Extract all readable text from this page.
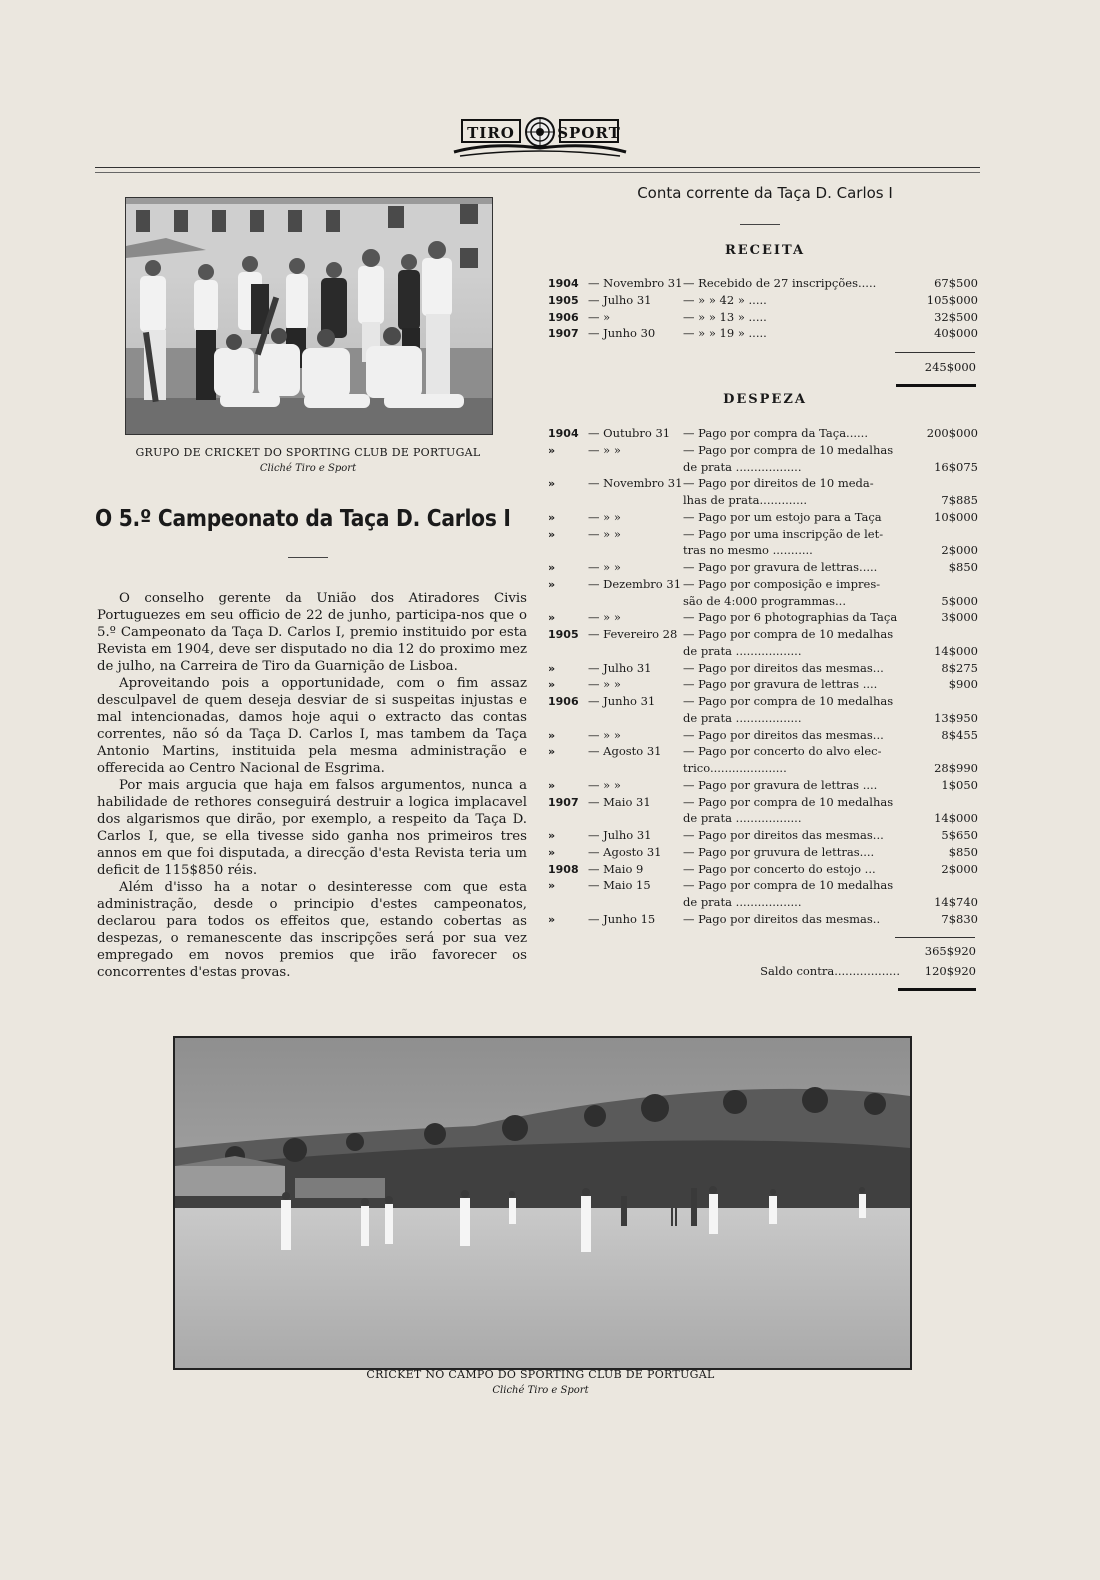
TIRO	SPORT
GRUPO DE CRICKET DO SPORTING CLUB DE PORTUGAL
Cliché Tiro e Sport
O 5.º Campeonato da Taça D. Carlos I

O conselho gerente da União dos Atiradores Civis Portuguezes em seu officio de 22 de junho, participa-nos que o 5.º Campeonato da Taça D. Carlos I, premio instituido por esta Revista em 1904, deve ser disputado no dia 12 do proximo mez de julho, na Carreira de Tiro da Guarnição de Lisboa.

Aproveitando pois a opportunidade, com o fim assaz desculpavel de quem deseja desviar de si suspeitas injustas e mal intencionadas, damos hoje aqui o extracto das contas correntes, não só da Taça D. Carlos I, mas tambem da Taça Antonio Martins, instituida pela mesma administração e offerecida ao Centro Nacional de Esgrima.

Por mais argucia que haja em falsos argumentos, nunca a habilidade de rethores conseguirá destruir a logica implacavel dos algarismos que dirão, por exemplo, a respeito da Taça D. Carlos I, que, se ella tivesse sido ganha nos primeiros tres annos em que foi disputada, a direcção d'esta Revista teria um deficit de 115$850 réis.

Além d'isso ha a notar o desinteresse com que esta administração, desde o principio d'estes campeonatos, declarou para todos os effeitos que, estando cobertas as despezas, o remanescente das inscripções será por sua vez empregado em novos premios que irão favorecer os concorrentes d'estas provas.

Conta corrente da Taça D. Carlos I
RECEITA
1904 — Novembro 31 — Recebido de 27 inscripções.....	67$500
1905 — Julho 31	— » » 42 » .....	105$000
1906 — »	— » » 13 » .....	32$500
1907 — Junho 30	— » » 19 » .....	40$000
245$000
DESPEZA
1904 — Outubro 31	— Pago por compra da Taça......	200$000
»	— » »	— Pago por compra de 10 medalhas
de prata ..................	16$075
»	— Novembro 31 — Pago por direitos de 10 meda-
lhas de prata.............	7$885
»	— » »	— Pago por um estojo para a Taça	10$000
»	— » »	— Pago por uma inscripção de let-
tras no mesmo ...........	2$000
»	— » »	— Pago por gravura de lettras.....	$850
»	— Dezembro 31 — Pago por composição e impres-
são de 4:000 programmas...	5$000
»	— » »	— Pago por 6 photographias da Taça	3$000
1905 — Fevereiro 28 — Pago por compra de 10 medalhas
de prata ..................	14$000
»	— Julho 31	— Pago por direitos das mesmas...	8$275
»	— » »	— Pago por gravura de lettras ....	$900
1906 — Junho 31	— Pago por compra de 10 medalhas
de prata ..................	13$950
»	— » »	— Pago por direitos das mesmas...	8$455
»	— Agosto 31	— Pago por concerto do alvo elec-
trico.....................	28$990
»	— » »	— Pago por gravura de lettras ....	1$050
1907 — Maio 31	— Pago por compra de 10 medalhas
de prata ..................	14$000
»	— Julho 31	— Pago por direitos das mesmas...	5$650
»	— Agosto 31	— Pago por gruvura de lettras....	$850
1908 — Maio 9	— Pago por concerto do estojo ...	2$000
»	— Maio 15	— Pago por compra de 10 medalhas
de prata ..................	14$740
»	— Junho 15	— Pago por direitos das mesmas..	7$830
365$920
Saldo contra..................	120$920
CRICKET NO CAMPO DO SPORTING CLUB DE PORTUGAL
Cliché Tiro e Sport
